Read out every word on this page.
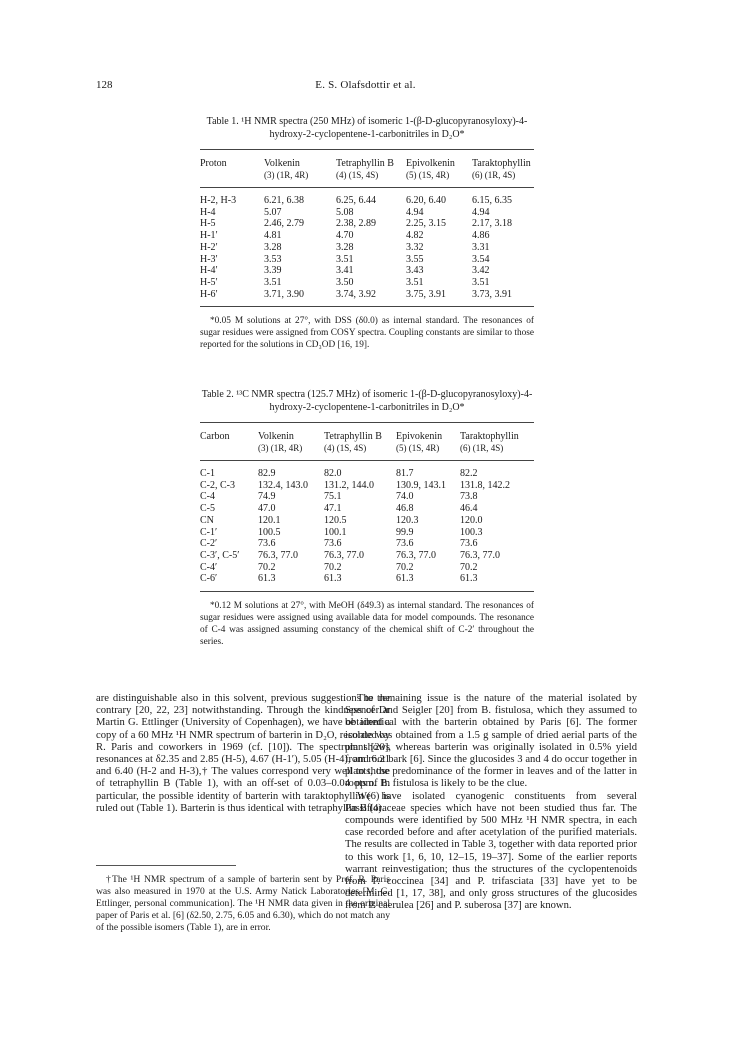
128	E. S. Olafsdottir et al.

Table 1. ¹H NMR spectra (250 MHz) of isomeric 1-(β-D-glucopyranosyloxy)-4-hydroxy-2-cyclopentene-1-carbonitriles in D₂O*

Proton	Volkenin	Tetraphyllin B	Epivolkenin	Taraktophyllin
	(3) (1R, 4R)	(4) (1S, 4S)	(5) (1S, 4R)	(6) (1R, 4S)
H-2, H-3	6.21, 6.38	6.25, 6.44	6.20, 6.40	6.15, 6.35
H-4	5.07	5.08	4.94	4.94
H-5	2.46, 2.79	2.38, 2.89	2.25, 3.15	2.17, 3.18
H-1′	4.81	4.70	4.82	4.86
H-2′	3.28	3.28	3.32	3.31
H-3′	3.53	3.51	3.55	3.54
H-4′	3.39	3.41	3.43	3.42
H-5′	3.51	3.50	3.51	3.51
H-6′	3.71, 3.90	3.74, 3.92	3.75, 3.91	3.73, 3.91

*0.05 M solutions at 27°, with DSS (δ0.0) as internal standard. The resonances of sugar residues were assigned from COSY spectra. Coupling constants are similar to those reported for the solutions in CD₃OD [16, 19].

Table 2. ¹³C NMR spectra (125.7 MHz) of isomeric 1-(β-D-glucopyranosyloxy)-4-hydroxy-2-cyclopentene-1-carbonitriles in D₂O*

Carbon	Volkenin	Tetraphyllin B	Epivokenin	Taraktophyllin
	(3) (1R, 4R)	(4) (1S, 4S)	(5) (1S, 4R)	(6) (1R, 4S)
C-1	82.9	82.0	81.7	82.2
C-2, C-3	132.4, 143.0	131.2, 144.0	130.9, 143.1	131.8, 142.2
C-4	74.9	75.1	74.0	73.8
C-5	47.0	47.1	46.8	46.4
CN	120.1	120.5	120.3	120.0
C-1′	100.5	100.1	99.9	100.3
C-2′	73.6	73.6	73.6	73.6
C-3′, C-5′	76.3, 77.0	76.3, 77.0	76.3, 77.0	76.3, 77.0
C-4′	70.2	70.2	70.2	70.2
C-6′	61.3	61.3	61.3	61.3

*0.12 M solutions at 27°, with MeOH (δ49.3) as internal standard. The resonances of sugar residues were assigned using available data for model compounds. The resonance of C-4 was assigned assuming constancy of the chemical shift of C-2′ throughout the series.

are distinguishable also in this solvent, previous suggestions to the contrary [20, 22, 23] notwithstanding. Through the kindness of Dr Martin G. Ettlinger (University of Copenhagen), we have obtained a copy of a 60 MHz ¹H NMR spectrum of barterin in D₂O, recorded by R. Paris and coworkers in 1969 (cf. [10]). The spectrum shows resonances at δ2.35 and 2.85 (H-5), 4.67 (H-1′), 5.05 (H-4), and 6.21 and 6.40 (H-2 and H-3),† The values correspond very well to those of tetraphyllin B (Table 1), with an off-set of 0.03–0.04 ppm. In particular, the possible identity of barterin with taraktophyllin (6) is ruled out (Table 1). Barterin is thus identical with tetraphyllin B (4).

The remaining issue is the nature of the material isolated by Spencer and Seigler [20] from B. fistulosa, which they assumed to be identical with the barterin obtained by Paris [6]. The former isolate was obtained from a 1.5 g sample of dried aerial parts of the plant [20], whereas barterin was originally isolated in 0.5% yield from root bark [6]. Since the glucosides 3 and 4 do occur together in plants, the predominance of the former in leaves and of the latter in roots of B. fistulosa is likely to be the clue.

We have isolated cyanogenic constituents from several Passifloraceae species which have not been studied thus far. The compounds were identified by 500 MHz ¹H NMR spectra, in each case recorded before and after acetylation of the purified materials. The results are collected in Table 3, together with data reported prior to this work [1, 6, 10, 12–15, 19–37]. Some of the earlier reports warrant reinvestigation; thus the structures of the cyclopentenoids from P. coccinea [34] and P. trifasciata [33] have yet to be determined [1, 17, 38], and only gross structures of the glucosides from P. caerulea [26] and P. suberosa [37] are known.

†The ¹H NMR spectrum of a sample of barterin sent by Prof. R. Paris was also measured in 1970 at the U.S. Army Natick Laboratories [M. G. Ettlinger, personal communication]. The ¹H NMR data given in the original paper of Paris et al. [6] (δ2.50, 2.75, 6.05 and 6.30), which do not match any of the possible isomers (Table 1), are in error.
